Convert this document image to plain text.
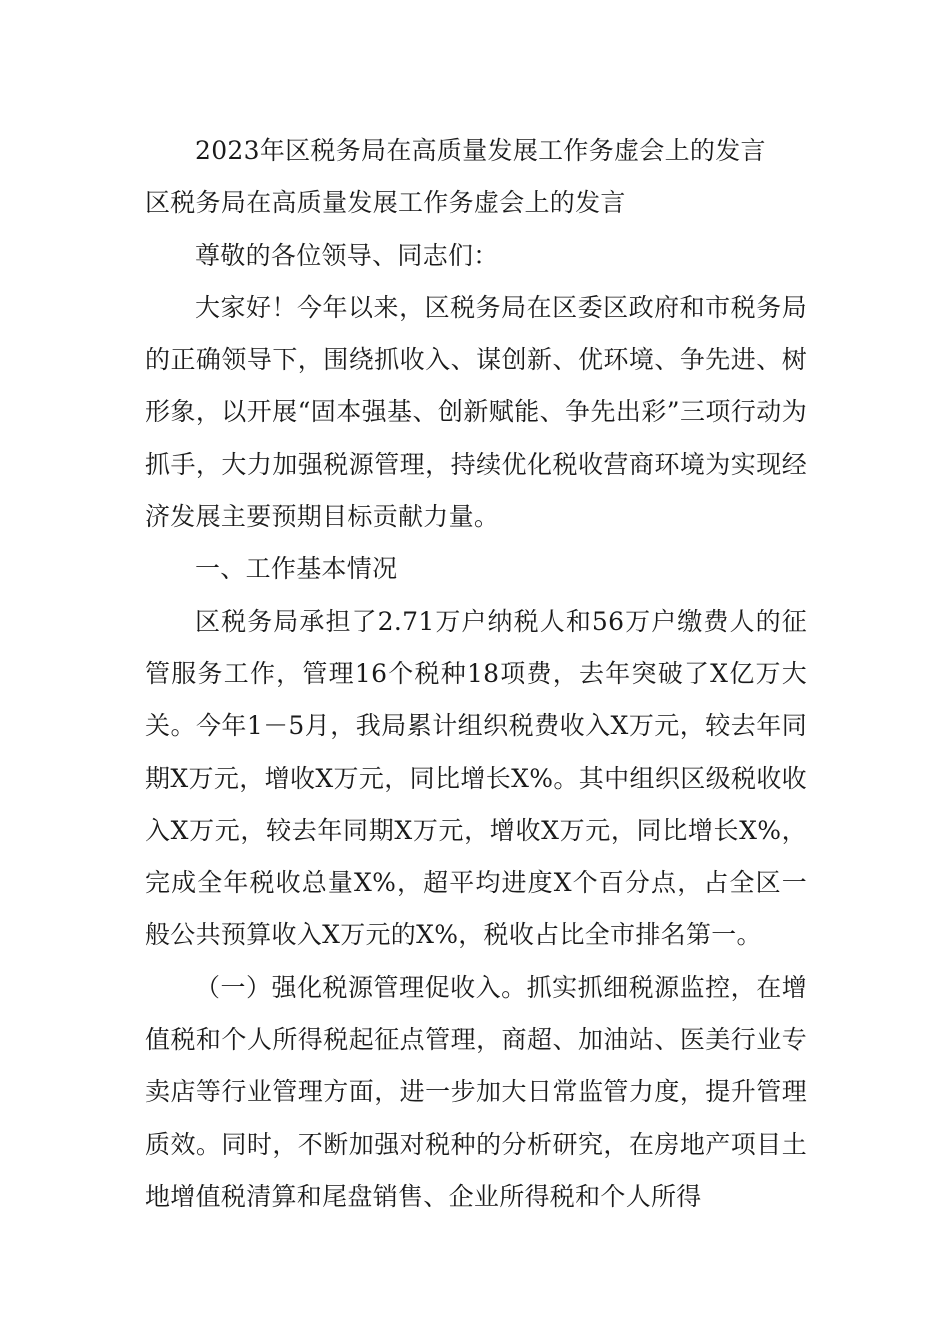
2023年区税务局在高质量发展工作务虚会上的发言

区税务局在高质量发展工作务虚会上的发言

尊敬的各位领导、同志们：

大家好！今年以来，区税务局在区委区政府和市税务局的正确领导下，围绕抓收入、谋创新、优环境、争先进、树形象，以开展“固本强基、创新赋能、争先出彩”三项行动为抓手，大力加强税源管理，持续优化税收营商环境为实现经济发展主要预期目标贡献力量。

一、工作基本情况

区税务局承担了2.71万户纳税人和56万户缴费人的征管服务工作，管理16个税种18项费，去年突破了X亿万大关。今年1－5月，我局累计组织税费收入X万元，较去年同期X万元，增收X万元，同比增长X%。其中组织区级税收收入X万元，较去年同期X万元，增收X万元，同比增长X%，完成全年税收总量X%，超平均进度X个百分点，占全区一般公共预算收入X万元的X%，税收占比全市排名第一。

（一）强化税源管理促收入。抓实抓细税源监控，在增值税和个人所得税起征点管理，商超、加油站、医美行业专卖店等行业管理方面，进一步加大日常监管力度，提升管理质效。同时，不断加强对税种的分析研究，在房地产项目土地增值税清算和尾盘销售、企业所得税和个人所得
